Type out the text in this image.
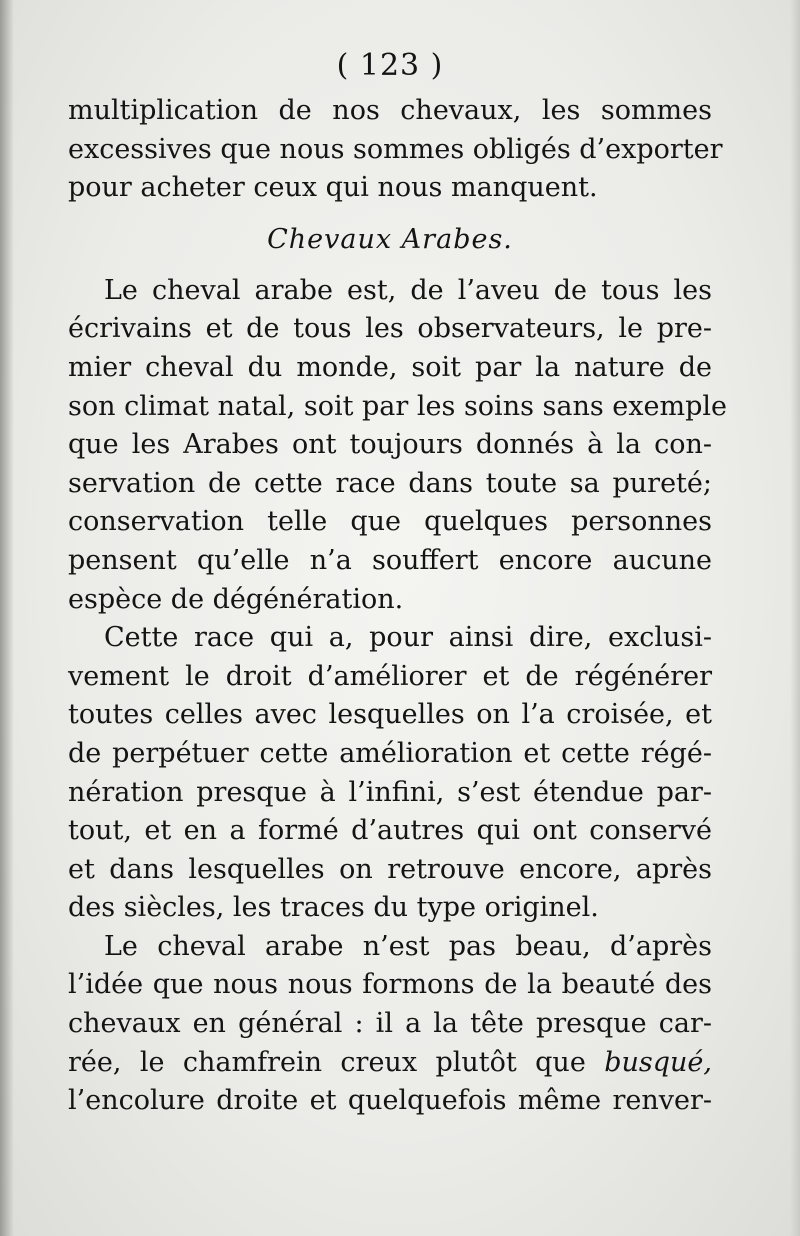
( 123 )
multiplication de nos chevaux, les sommes
excessives que nous sommes obligés d’exporter
pour acheter ceux qui nous manquent.
Chevaux Arabes.
Le cheval arabe est, de l’aveu de tous les
écrivains et de tous les observateurs, le pre-
mier cheval du monde, soit par la nature de
son climat natal, soit par les soins sans exemple
que les Arabes ont toujours donnés à la con-
servation de cette race dans toute sa pureté;
conservation telle que quelques personnes
pensent qu’elle n’a souffert encore aucune
espèce de dégénération.
Cette race qui a, pour ainsi dire, exclusi-
vement le droit d’améliorer et de régénérer
toutes celles avec lesquelles on l’a croisée, et
de perpétuer cette amélioration et cette régé-
nération presque à l’infini, s’est étendue par-
tout, et en a formé d’autres qui ont conservé
et dans lesquelles on retrouve encore, après
des siècles, les traces du type originel.
Le cheval arabe n’est pas beau, d’après
l’idée que nous nous formons de la beauté des
chevaux en général : il a la tête presque car-
rée, le chamfrein creux plutôt que busqué,
l’encolure droite et quelquefois même renver-
